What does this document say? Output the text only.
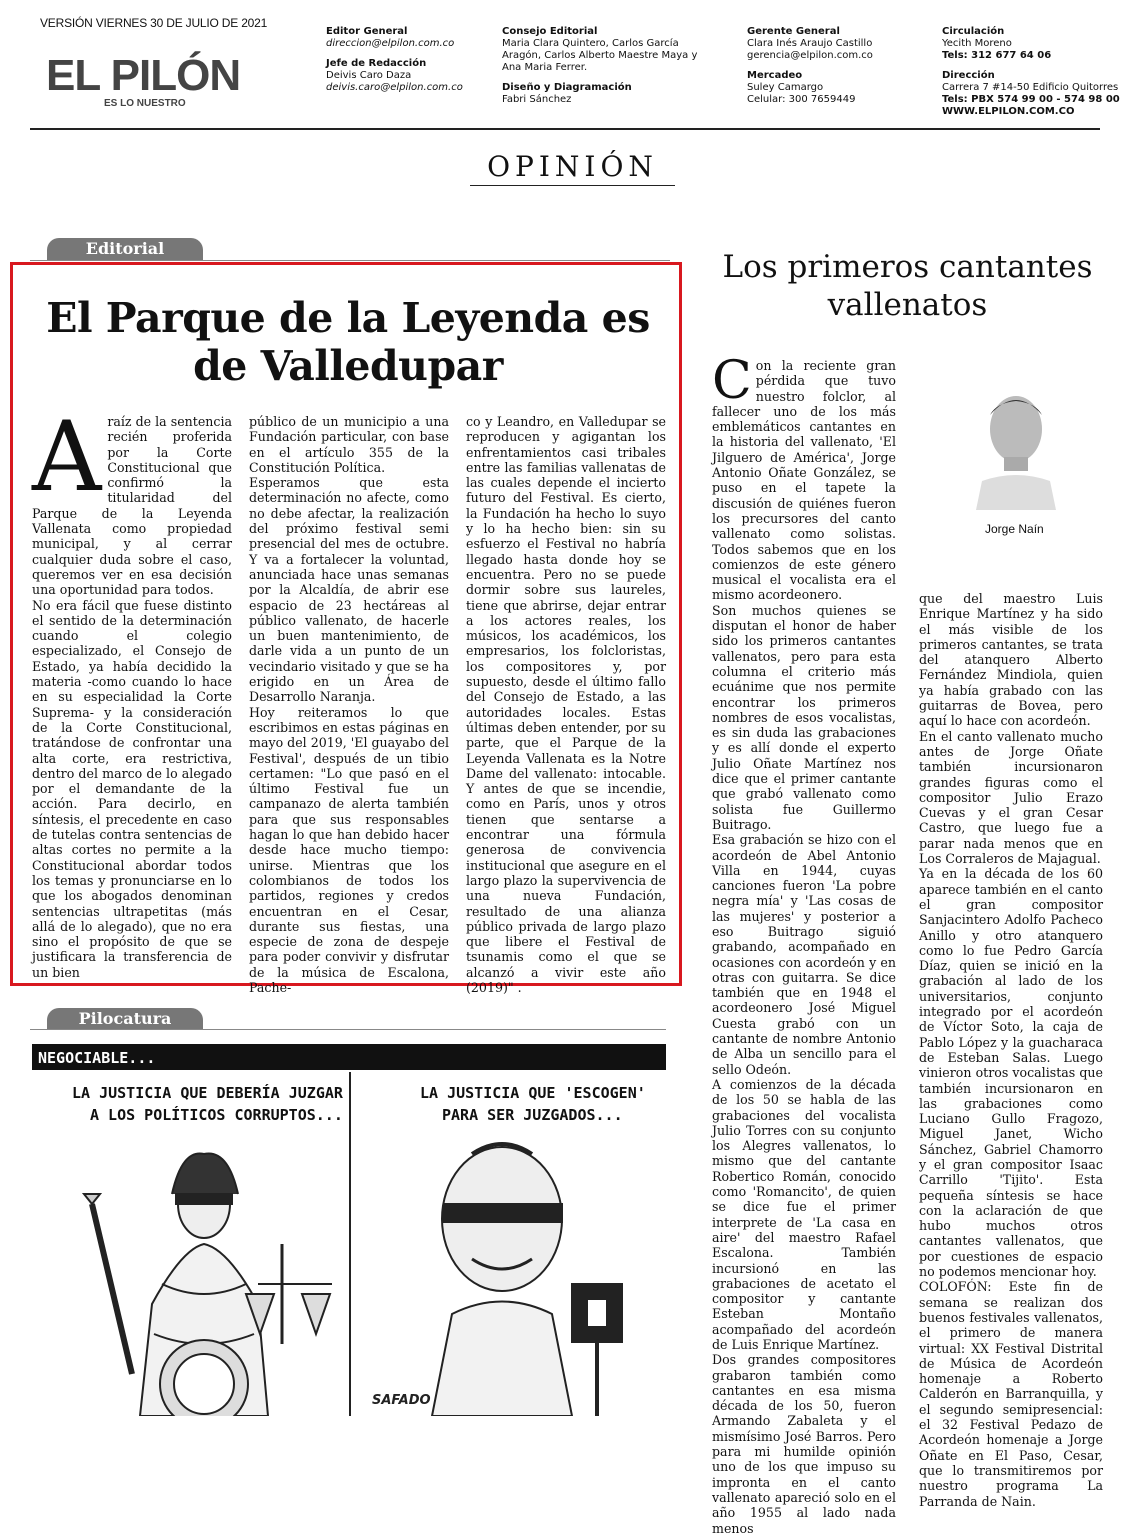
VERSIÓN VIERNES 30 DE JULIO DE 2021
EL PILÓN
ES LO NUESTRO
Editor General
direccion@elpilon.com.co
Jefe de Redacción
Deivis Caro Daza
deivis.caro@elpilon.com.co
Consejo Editorial
Maria Clara Quintero, Carlos García Aragón, Carlos Alberto Maestre Maya y Ana Maria Ferrer.
Diseño y Diagramación
Fabri Sánchez
Gerente General
Clara Inés Araujo Castillo
gerencia@elpilon.com.co
Mercadeo
Suley Camargo
Celular: 300 7659449
Circulación
Yecith Moreno
Tels: 312 677 64 06
Dirección
Carrera 7 #14-50 Edificio Quitorres
Tels: PBX 574 99 00 - 574 98 00
WWW.ELPILON.COM.CO
OPINIÓN
Editorial
El Parque de la Leyenda es de Valledupar
A raíz de la sentencia recién proferida por la Corte Constitucional que confirmó la titularidad del Parque de la Leyenda Vallenata como propiedad municipal, y al cerrar cualquier duda sobre el caso, queremos ver en esa decisión una oportunidad para todos.
No era fácil que fuese distinto el sentido de la determinación cuando el colegio especializado, el Consejo de Estado, ya había decidido la materia -como cuando lo hace en su especialidad la Corte Suprema- y la consideración de la Corte Constitucional, tratándose de confrontar una alta corte, era restrictiva, dentro del marco de lo alegado por el demandante de la acción. Para decirlo, en síntesis, el precedente en caso de tutelas contra sentencias de altas cortes no permite a la Constitucional abordar todos los temas y pronunciarse en lo que los abogados denominan sentencias ultrapetitas (más allá de lo alegado), que no era sino el propósito de que se justificara la transferencia de un bien

público de un municipio a una Fundación particular, con base en el artículo 355 de la Constitución Política.
Esperamos que esta determinación no afecte, como no debe afectar, la realización del próximo festival semi presencial del mes de octubre. Y va a fortalecer la voluntad, anunciada hace unas semanas por la Alcaldía, de abrir ese espacio de 23 hectáreas al público vallenato, de hacerle un buen mantenimiento, de darle vida a un punto de un vecindario visitado y que se ha erigido en un Área de Desarrollo Naranja.
Hoy reiteramos lo que escribimos en estas páginas en mayo del 2019, 'El guayabo del Festival', después de un tibio certamen: "Lo que pasó en el último Festival fue un campanazo de alerta también para que sus responsables hagan lo que han debido hacer desde hace mucho tiempo: unirse. Mientras que los colombianos de todos los partidos, regiones y credos encuentran en el Cesar, durante sus fiestas, una especie de zona de despeje para poder convivir y disfrutar de la música de Escalona, Pache-

co y Leandro, en Valledupar se reproducen y agigantan los enfrentamientos casi tribales entre las familias vallenatas de las cuales depende el incierto futuro del Festival. Es cierto, la Fundación ha hecho lo suyo y lo ha hecho bien: sin su esfuerzo el Festival no habría llegado hasta donde hoy se encuentra. Pero no se puede dormir sobre sus laureles, tiene que abrirse, dejar entrar a los actores reales, los músicos, los académicos, los empresarios, los folcloristas, los compositores y, por supuesto, desde el último fallo del Consejo de Estado, a las autoridades locales. Estas últimas deben entender, por su parte, que el Parque de la Leyenda Vallenata es la Notre Dame del vallenato: intocable. Y antes de que se incendie, como en París, unos y otros tienen que sentarse a encontrar una fórmula generosa de convivencia institucional que asegure en el largo plazo la supervivencia de una nueva Fundación, resultado de una alianza público privada de largo plazo que libere el Festival de tsunamis como el que se alcanzó a vivir este año (2019)" .

Pilocatura
NEGOCIABLE...
LA JUSTICIA QUE DEBERÍA JUZGAR A LOS POLÍTICOS CORRUPTOS...
LA JUSTICIA QUE 'ESCOGEN' PARA SER JUZGADOS...
SAFADO
Los primeros cantantes vallenatos
Jorge Naín
C on la reciente gran pérdida que tuvo nuestro folclor, al fallecer uno de los más emblemáticos cantantes en la historia del vallenato, 'El Jilguero de América', Jorge Antonio Oñate González, se puso en el tapete la discusión de quiénes fueron los precursores del canto vallenato como solistas. Todos sabemos que en los comienzos de este género musical el vocalista era el mismo acordeonero.
Son muchos quienes se disputan el honor de haber sido los primeros cantantes vallenatos, pero para esta columna el criterio más ecuánime que nos permite encontrar los primeros nombres de esos vocalistas, es sin duda las grabaciones y es allí donde el experto Julio Oñate Martínez nos dice que el primer cantante que grabó vallenato como solista fue Guillermo Buitrago.
Esa grabación se hizo con el acordeón de Abel Antonio Villa en 1944, cuyas canciones fueron 'La pobre negra mía' y 'Las cosas de las mujeres' y posterior a eso Buitrago siguió grabando, acompañado en ocasiones con acordeón y en otras con guitarra. Se dice también que en 1948 el acordeonero José Miguel Cuesta grabó con un cantante de nombre Antonio de Alba un sencillo para el sello Odeón.
A comienzos de la década de los 50 se habla de las grabaciones del vocalista Julio Torres con su conjunto los Alegres vallenatos, lo mismo que del cantante Robertico Román, conocido como 'Romancito', de quien se dice fue el primer interprete de 'La casa en aire' del maestro Rafael Escalona. También incursionó en las grabaciones de acetato el compositor y cantante Esteban Montaño acompañado del acordeón de Luis Enrique Martínez.
Dos grandes compositores grabaron también como cantantes en esa misma década de los 50, fueron Armando Zabaleta y el mismísimo José Barros. Pero para mi humilde opinión uno de los que impuso su impronta en el canto vallenato apareció solo en el año 1955 al lado nada menos

que del maestro Luis Enrique Martínez y ha sido el más visible de los primeros cantantes, se trata del atanquero Alberto Fernández Mindiola, quien ya había grabado con las guitarras de Bovea, pero aquí lo hace con acordeón.
En el canto vallenato mucho antes de Jorge Oñate también incursionaron grandes figuras como el compositor Julio Erazo Cuevas y el gran Cesar Castro, que luego fue a parar nada menos que en Los Corraleros de Majagual.
Ya en la década de los 60 aparece también en el canto el gran compositor Sanjacintero Adolfo Pacheco Anillo y otro atanquero como lo fue Pedro García Díaz, quien se inició en la grabación al lado de los universitarios, conjunto integrado por el acordeón de Víctor Soto, la caja de Pablo López y la guacharaca de Esteban Salas. Luego vinieron otros vocalistas que también incursionaron en las grabaciones como Luciano Gullo Fragozo, Miguel Janet, Wicho Sánchez, Gabriel Chamorro y el gran compositor Isaac Carrillo 'Tijito'. Esta pequeña síntesis se hace con la aclaración de que hubo muchos otros cantantes vallenatos, que por cuestiones de espacio no podemos mencionar hoy.
COLOFÓN: Este fin de semana se realizan dos buenos festivales vallenatos, el primero de manera virtual: XX Festival Distrital de Música de Acordeón homenaje a Roberto Calderón en Barranquilla, y el segundo semipresencial: el 32 Festival Pedazo de Acordeón homenaje a Jorge Oñate en El Paso, Cesar, que lo transmitiremos por nuestro programa La Parranda de Nain.
